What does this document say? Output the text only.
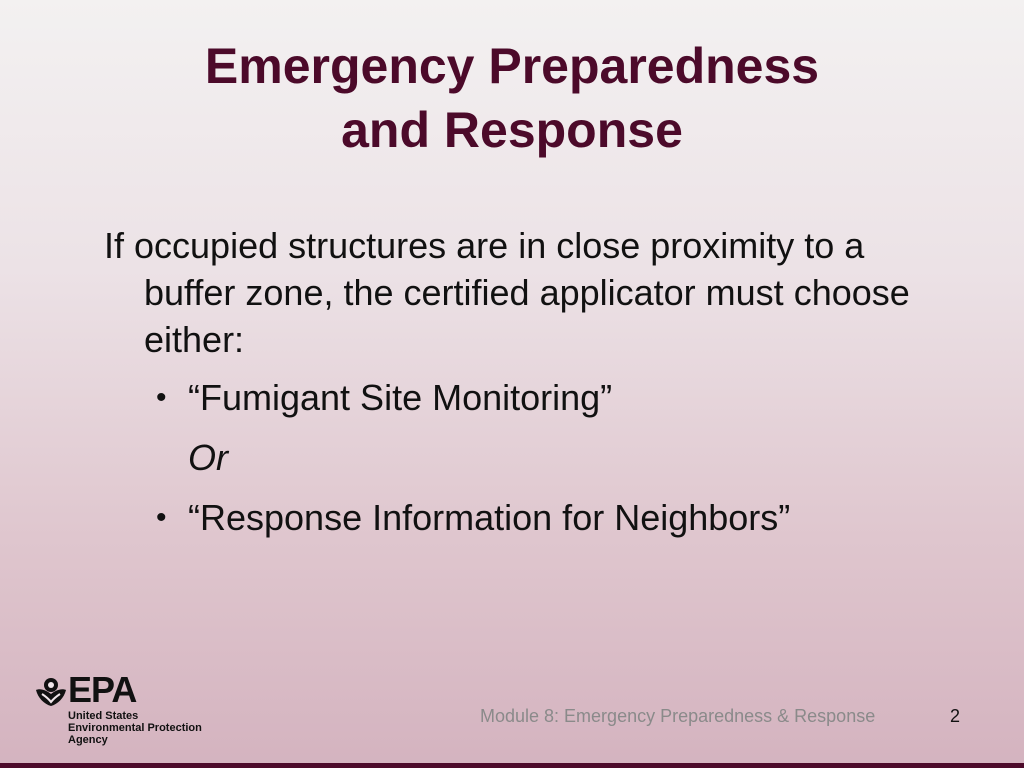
Emergency Preparedness
and Response

If occupied structures are in close proximity to a buffer zone, the certified applicator must choose either:

• “Fumigant Site Monitoring”
Or
• “Response Information for Neighbors”
EPA
United States
Environmental Protection
Agency
Module 8: Emergency Preparedness & Response	2
